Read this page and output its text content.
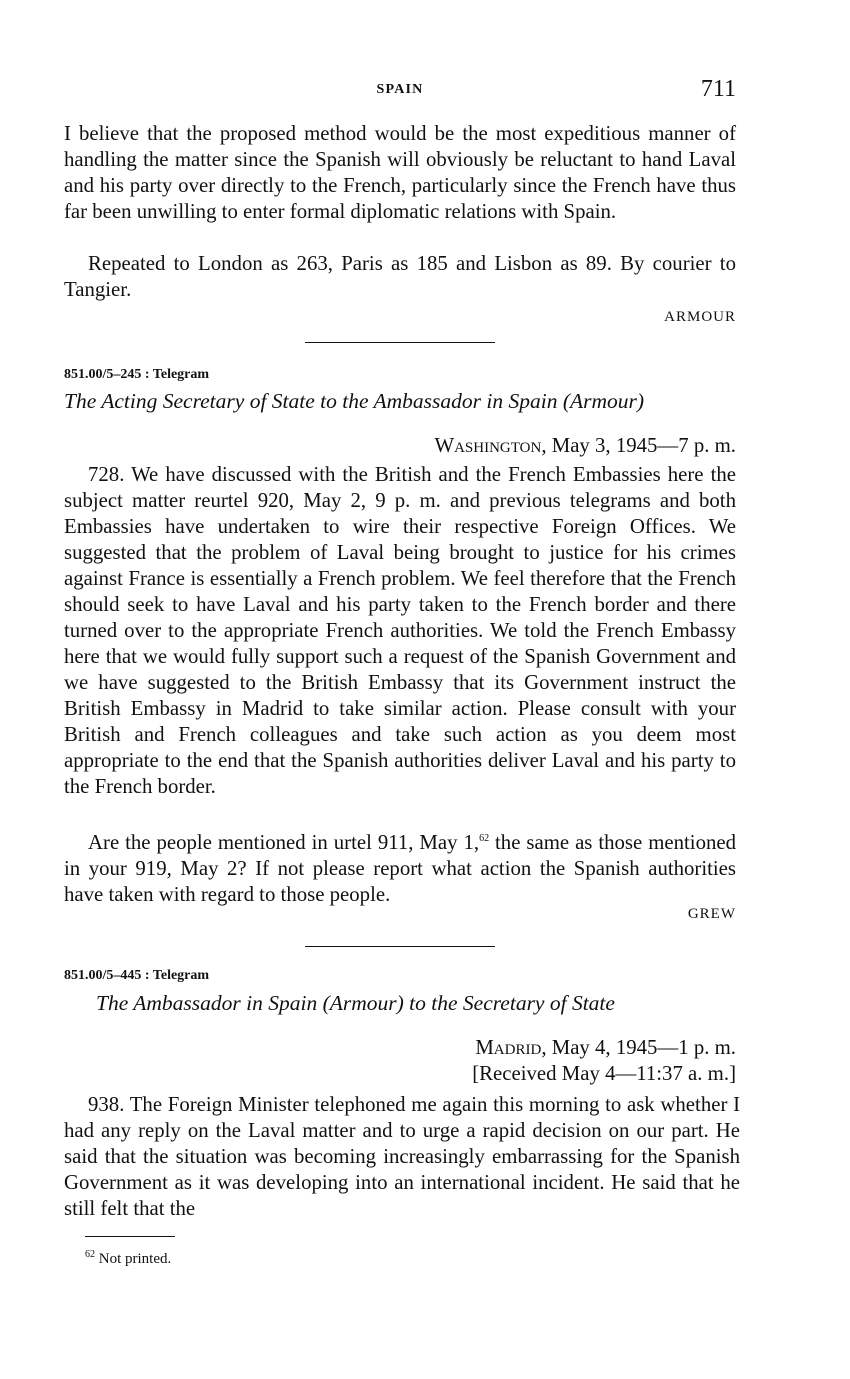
SPAIN	711

I believe that the proposed method would be the most expeditious manner of handling the matter since the Spanish will obviously be reluctant to hand Laval and his party over directly to the French, particularly since the French have thus far been unwilling to enter formal diplomatic relations with Spain.

Repeated to London as 263, Paris as 185 and Lisbon as 89. By courier to Tangier.

ARMOUR
851.00/5–245 : Telegram
The Acting Secretary of State to the Ambassador in Spain (Armour)
Washington, May 3, 1945—7 p. m.

728. We have discussed with the British and the French Embassies here the subject matter reurtel 920, May 2, 9 p. m. and previous telegrams and both Embassies have undertaken to wire their respective Foreign Offices. We suggested that the problem of Laval being brought to justice for his crimes against France is essentially a French problem. We feel therefore that the French should seek to have Laval and his party taken to the French border and there turned over to the appropriate French authorities. We told the French Embassy here that we would fully support such a request of the Spanish Government and we have suggested to the British Embassy that its Government instruct the British Embassy in Madrid to take similar action. Please consult with your British and French colleagues and take such action as you deem most appropriate to the end that the Spanish authorities deliver Laval and his party to the French border.

Are the people mentioned in urtel 911, May 1,62 the same as those mentioned in your 919, May 2? If not please report what action the Spanish authorities have taken with regard to those people.

GREW
851.00/5–445 : Telegram
The Ambassador in Spain (Armour) to the Secretary of State
Madrid, May 4, 1945—1 p. m.
[Received May 4—11:37 a. m.]

938. The Foreign Minister telephoned me again this morning to ask whether I had any reply on the Laval matter and to urge a rapid decision on our part. He said that the situation was becoming increasingly embarrassing for the Spanish Government as it was developing into an international incident. He said that he still felt that the

$^{62}$ Not printed.
